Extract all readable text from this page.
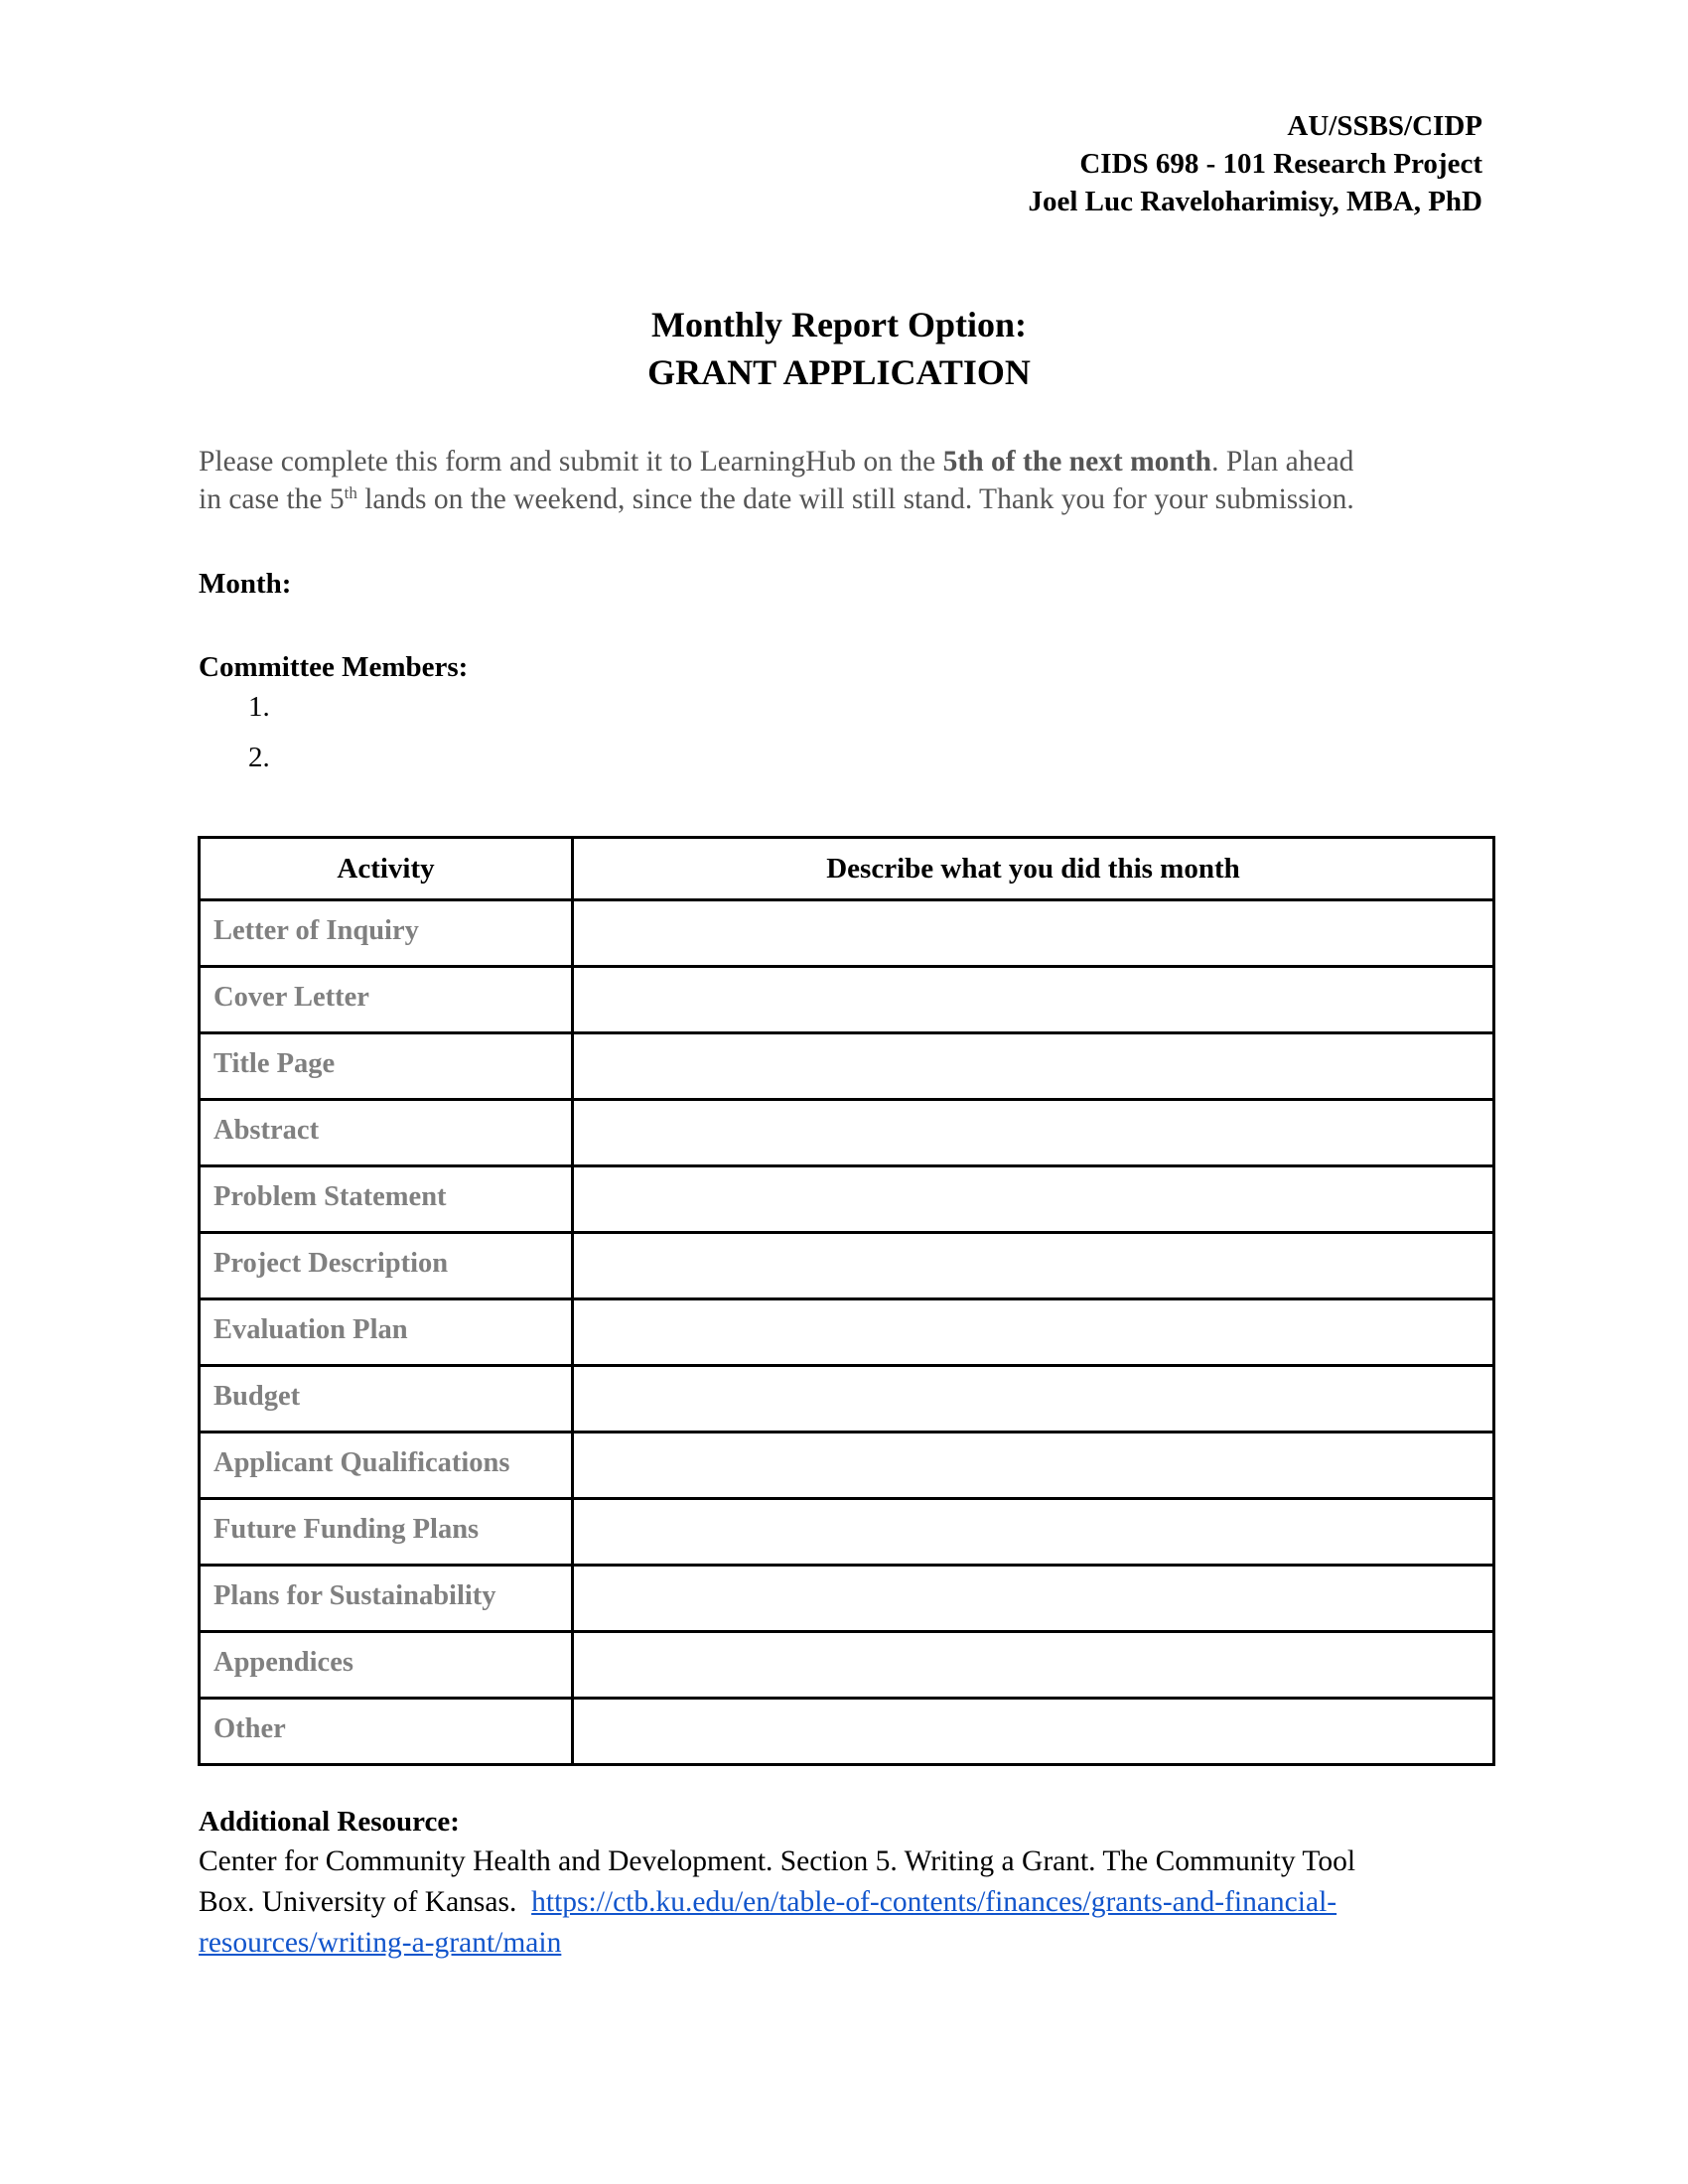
AU/SSBS/CIDP
CIDS 698 - 101 Research Project
Joel Luc Raveloharimisy, MBA, PhD
Monthly Report Option:
GRANT APPLICATION
Please complete this form and submit it to LearningHub on the 5th of the next month. Plan ahead
in case the 5th lands on the weekend, since the date will still stand. Thank you for your submission.
Month:
Committee Members:
1.
2.
Activity	Describe what you did this month
Letter of Inquiry	
Cover Letter	
Title Page	
Abstract	
Problem Statement	
Project Description	
Evaluation Plan	
Budget	
Applicant Qualifications	
Future Funding Plans	
Plans for Sustainability	
Appendices	
Other	
Additional Resource:
Center for Community Health and Development. Section 5. Writing a Grant. The Community Tool
Box. University of Kansas.  https://ctb.ku.edu/en/table-of-contents/finances/grants-and-financial-
resources/writing-a-grant/main
